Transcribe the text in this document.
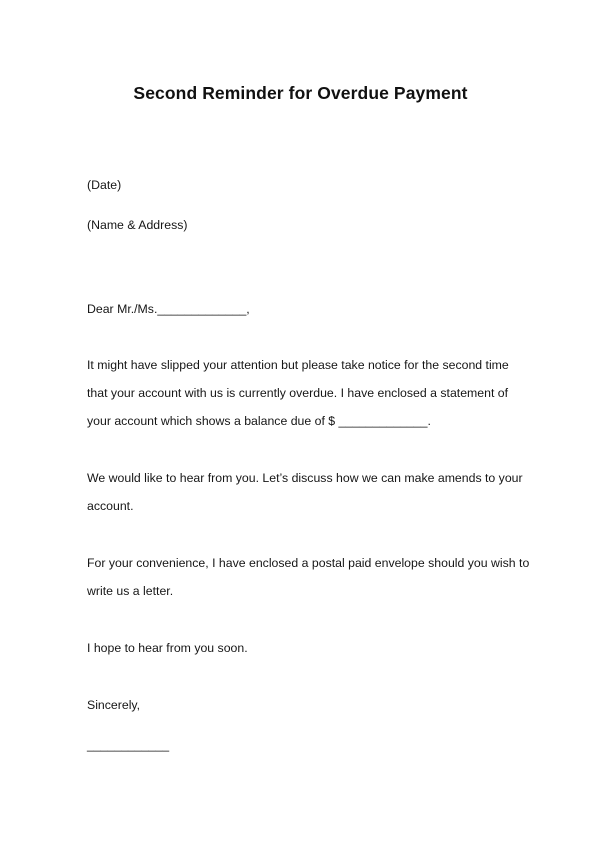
Second Reminder for Overdue Payment
(Date)
(Name & Address)
Dear Mr./Ms._____________,
It might have slipped your attention but please take notice for the second time
that your account with us is currently overdue. I have enclosed a statement of
your account which shows a balance due of $ _____________.
We would like to hear from you. Let’s discuss how we can make amends to your
account.
For your convenience, I have enclosed a postal paid envelope should you wish to
write us a letter.
I hope to hear from you soon.
Sincerely,
____________
